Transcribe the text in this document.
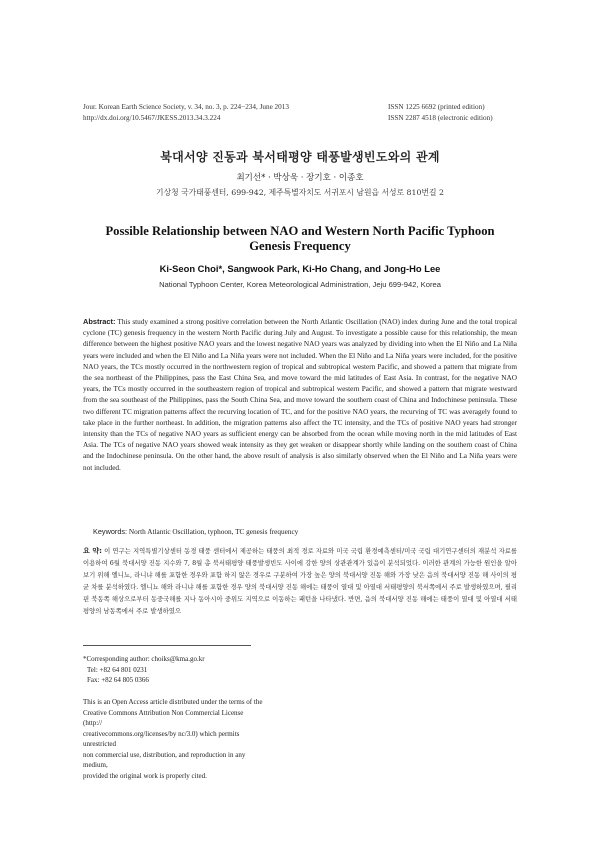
Jour. Korean Earth Science Society, v. 34, no. 3, p. 224−234, June 2013
http://dx.doi.org/10.5467/JKESS.2013.34.3.224
ISSN 1225 6692 (printed edition)
ISSN 2287 4518 (electronic edition)
북대서양 진동과 북서태평양 태풍발생빈도와의 관계
최기선* · 박상욱 · 장기호 · 이종호
기상청 국가태풍센터, 699-942, 제주특별자치도 서귀포시 남원읍 서성로 810번길 2
Possible Relationship between NAO and Western North Pacific Typhoon
Genesis Frequency
Ki-Seon Choi*, Sangwook Park, Ki-Ho Chang, and Jong-Ho Lee
National Typhoon Center, Korea Meteorological Administration, Jeju 699-942, Korea
Abstract: This study examined a strong positive correlation between the North Atlantic Oscillation (NAO) index during June and the total tropical cyclone (TC) genesis frequency in the western North Pacific during July and August. To investigate a possible cause for this relationship, the mean difference between the highest positive NAO years and the lowest negative NAO years was analyzed by dividing into when the El Niño and La Niña years were included and when the El Niño and La Niña years were not included. When the El Niño and La Niña years were included, for the positive NAO years, the TCs mostly occurred in the northwestern region of tropical and subtropical western Pacific, and showed a pattern that migrate from the sea northeast of the Philippines, pass the East China Sea, and move toward the mid latitudes of East Asia. In contrast, for the negative NAO years, the TCs mostly occurred in the southeastern region of tropical and subtropical western Pacific, and showed a pattern that migrate westward from the sea southeast of the Philippines, pass the South China Sea, and move toward the southern coast of China and Indochinese peninsula. These two different TC migration patterns affect the recurving location of TC, and for the positive NAO years, the recurving of TC was averagely found to take place in the further northeast. In addition, the migration patterns also affect the TC intensity, and the TCs of positive NAO years had stronger intensity than the TCs of negative NAO years as sufficient energy can be absorbed from the ocean while moving north in the mid latitudes of East Asia. The TCs of negative NAO years showed weak intensity as they get weaken or disappear shortly while landing on the southern coast of China and the Indochinese peninsula. On the other hand, the above result of analysis is also similarly observed when the El Niño and La Niña years were not included.
Keywords: North Atlantic Oscillation, typhoon, TC genesis frequency
요 약: 이 연구는 지역특별기상센터 동경 태풍 센터에서 제공하는 태풍의 최적 경로 자료와 미국 국립 환경예측센터/미국 국립 대기연구센터의 재분석 자료를 이용하여 6월 북대서양 진동 지수와 7, 8월 총 북서태평양 태풍발생빈도 사이에 강한 양의 상관관계가 있음이 분석되었다. 이러한 관계의 가능한 원인을 알아보기 위해 엘니뇨, 라니냐 해를 포함한 경우와 포함 하지 않은 경우로 구분하여 가장 높은 양의 북대서양 진동 해와 가장 낮은 음의 북대서양 진동 해 사이의 평균 차를 분석하였다. 엘니뇨 해와 라니냐 해를 포함한 경우 양의 북대서양 진동 해에는 태풍이 열대 및 아열대 서태평양의 북서쪽에서 주로 발생하였으며, 필리핀 북동쪽 해상으로부터 동중국해를 지나 동아시아 중위도 지역으로 이동하는 패턴을 나타냈다. 반면, 음의 북대서양 진동 해에는 태풍이 열대 및 아열대 서태평양의 남동쪽에서 주로 발생하였으
*Corresponding author: choiks@kma.go.kr
Tel: +82 64 801 0231
Fax: +82 64 805 0366
This is an Open Access article distributed under the terms of the
Creative Commons Attribution Non Commercial License (http://
creativecommons.org/licenses/by nc/3.0) which permits unrestricted
non commercial use, distribution, and reproduction in any medium,
provided the original work is properly cited.
